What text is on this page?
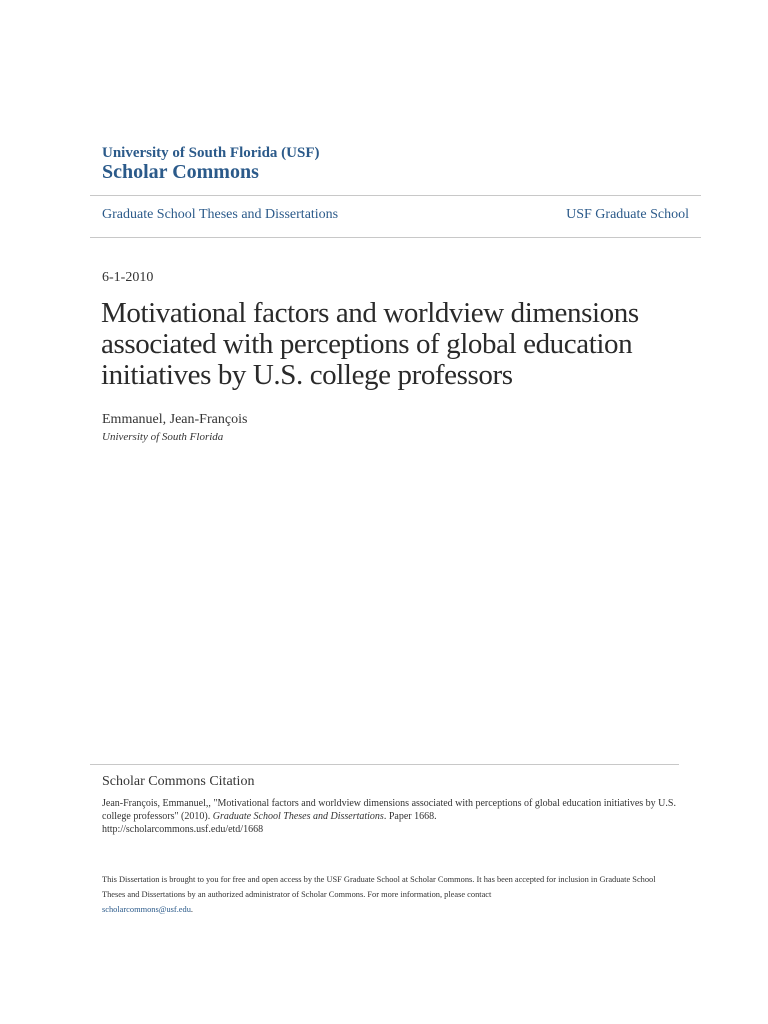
University of South Florida (USF)
Scholar Commons
Graduate School Theses and Dissertations	USF Graduate School
6-1-2010
Motivational factors and worldview dimensions associated with perceptions of global education initiatives by U.S. college professors
Emmanuel, Jean-François
University of South Florida
Scholar Commons Citation
Jean-François, Emmanuel,, "Motivational factors and worldview dimensions associated with perceptions of global education initiatives by U.S. college professors" (2010). Graduate School Theses and Dissertations. Paper 1668.
http://scholarcommons.usf.edu/etd/1668
This Dissertation is brought to you for free and open access by the USF Graduate School at Scholar Commons. It has been accepted for inclusion in Graduate School Theses and Dissertations by an authorized administrator of Scholar Commons. For more information, please contact
scholarcommons@usf.edu.
